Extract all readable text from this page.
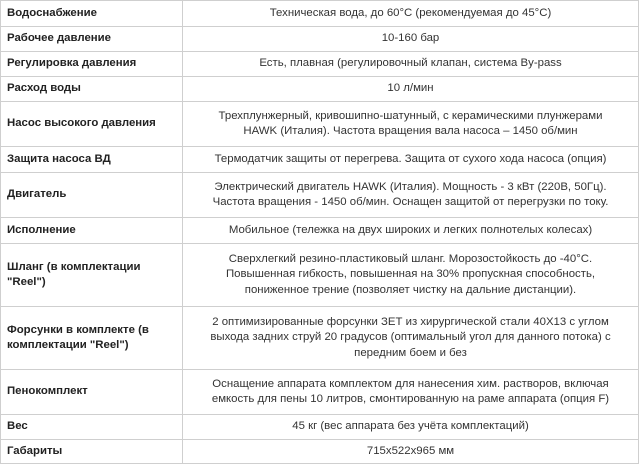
Водоснабжение	Техническая вода, до 60°С (рекомендуемая до 45°С)

Рабочее давление	10-160 бар

Регулировка давления	Есть, плавная (регулировочный клапан, система By-pass

Расход воды	10 л/мин

Насос высокого давления	Трехплунжерный, кривошипно-шатунный, с керамическими плунжерами
HAWK (Италия). Частота вращения вала насоса – 1450 об/мин

Защита насоса ВД	Термодатчик защиты от перегрева. Защита от сухого хода насоса (опция)

Двигатель	Электрический двигатель HAWK (Италия). Мощность - 3 кВт (220В, 50Гц).
Частота вращения - 1450 об/мин. Оснащен защитой от перегрузки по току.

Исполнение	Мобильное (тележка на двух широких и легких полнотелых колесах)

Шланг (в комплектации "Reel")	Сверхлегкий резино-пластиковый шланг. Морозостойкость до -40°С.
Повышенная гибкость, повышенная на 30% пропускная способность,
пониженное трение (позволяет чистку на дальние дистанции).

Форсунки в комплекте (в комплектации "Reel")	2 оптимизированные форсунки ЗЕТ из хирургической стали 40Х13 с углом
выхода задних струй 20 градусов (оптимальный угол для данного потока) с
передним боем и без

Пенокомплект	Оснащение аппарата комплектом для нанесения хим. растворов, включая
емкость для пены 10 литров, смонтированную на раме аппарата (опция F)

Вес	45 кг (вес аппарата без учёта комплектаций)

Габариты	715х522х965 мм
